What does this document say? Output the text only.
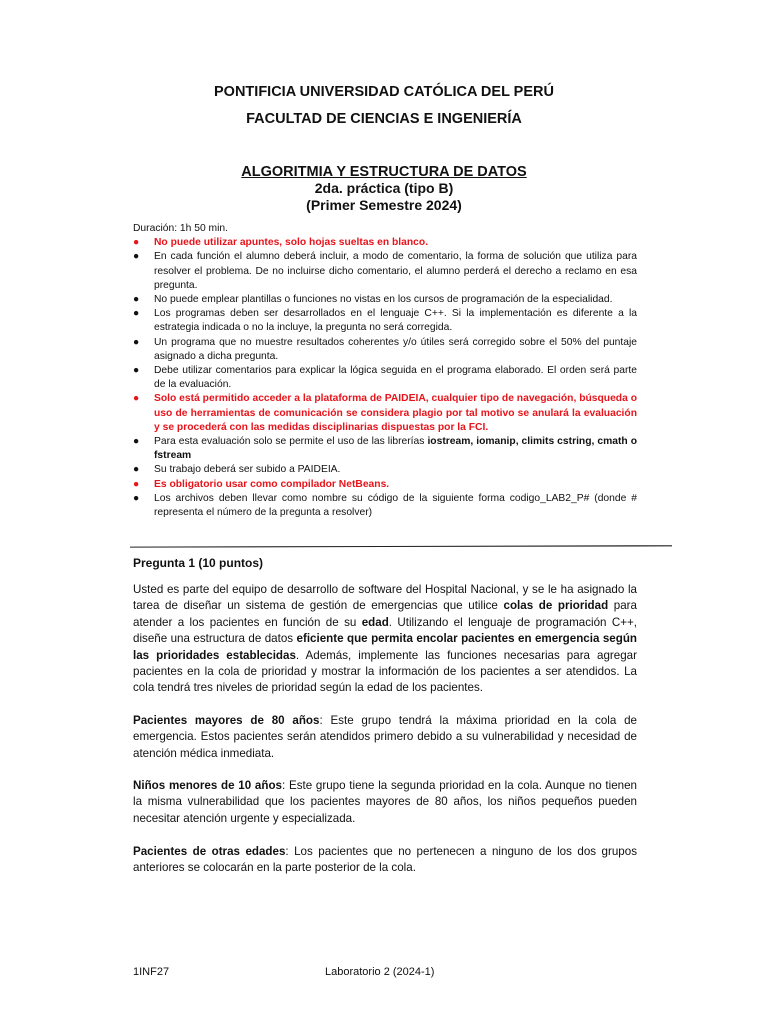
PONTIFICIA UNIVERSIDAD CATÓLICA DEL PERÚ
FACULTAD DE CIENCIAS E INGENIERÍA
ALGORITMIA Y ESTRUCTURA DE DATOS
2da. práctica (tipo B)
(Primer Semestre 2024)
Duración: 1h 50 min.
●	No puede utilizar apuntes, solo hojas sueltas en blanco.
●	En cada función el alumno deberá incluir, a modo de comentario, la forma de solución que utiliza para resolver el problema. De no incluirse dicho comentario, el alumno perderá el derecho a reclamo en esa pregunta.
●	No puede emplear plantillas o funciones no vistas en los cursos de programación de la especialidad.
●	Los programas deben ser desarrollados en el lenguaje C++. Si la implementación es diferente a la estrategia indicada o no la incluye, la pregunta no será corregida.
●	Un programa que no muestre resultados coherentes y/o útiles será corregido sobre el 50% del puntaje asignado a dicha pregunta.
●	Debe utilizar comentarios para explicar la lógica seguida en el programa elaborado. El orden será parte de la evaluación.
●	Solo está permitido acceder a la plataforma de PAIDEIA, cualquier tipo de navegación, búsqueda o uso de herramientas de comunicación se considera plagio por tal motivo se anulará la evaluación y se procederá con las medidas disciplinarias dispuestas por la FCI.
●	Para esta evaluación solo se permite el uso de las librerías iostream, iomanip, climits cstring, cmath o fstream
●	Su trabajo deberá ser subido a PAIDEIA.
●	Es obligatorio usar como compilador NetBeans.
●	Los archivos deben llevar como nombre su código de la siguiente forma codigo_LAB2_P# (donde # representa el número de la pregunta a resolver)
Pregunta 1 (10 puntos)
Usted es parte del equipo de desarrollo de software del Hospital Nacional, y se le ha asignado la tarea de diseñar un sistema de gestión de emergencias que utilice colas de prioridad para atender a los pacientes en función de su edad. Utilizando el lenguaje de programación C++, diseñe una estructura de datos eficiente que permita encolar pacientes en emergencia según las prioridades establecidas. Además, implemente las funciones necesarias para agregar pacientes en la cola de prioridad y mostrar la información de los pacientes a ser atendidos. La cola tendrá tres niveles de prioridad según la edad de los pacientes.
Pacientes mayores de 80 años: Este grupo tendrá la máxima prioridad en la cola de emergencia. Estos pacientes serán atendidos primero debido a su vulnerabilidad y necesidad de atención médica inmediata.
Niños menores de 10 años: Este grupo tiene la segunda prioridad en la cola. Aunque no tienen la misma vulnerabilidad que los pacientes mayores de 80 años, los niños pequeños pueden necesitar atención urgente y especializada.
Pacientes de otras edades: Los pacientes que no pertenecen a ninguno de los dos grupos anteriores se colocarán en la parte posterior de la cola.
1INF27	Laboratorio 2 (2024-1)
